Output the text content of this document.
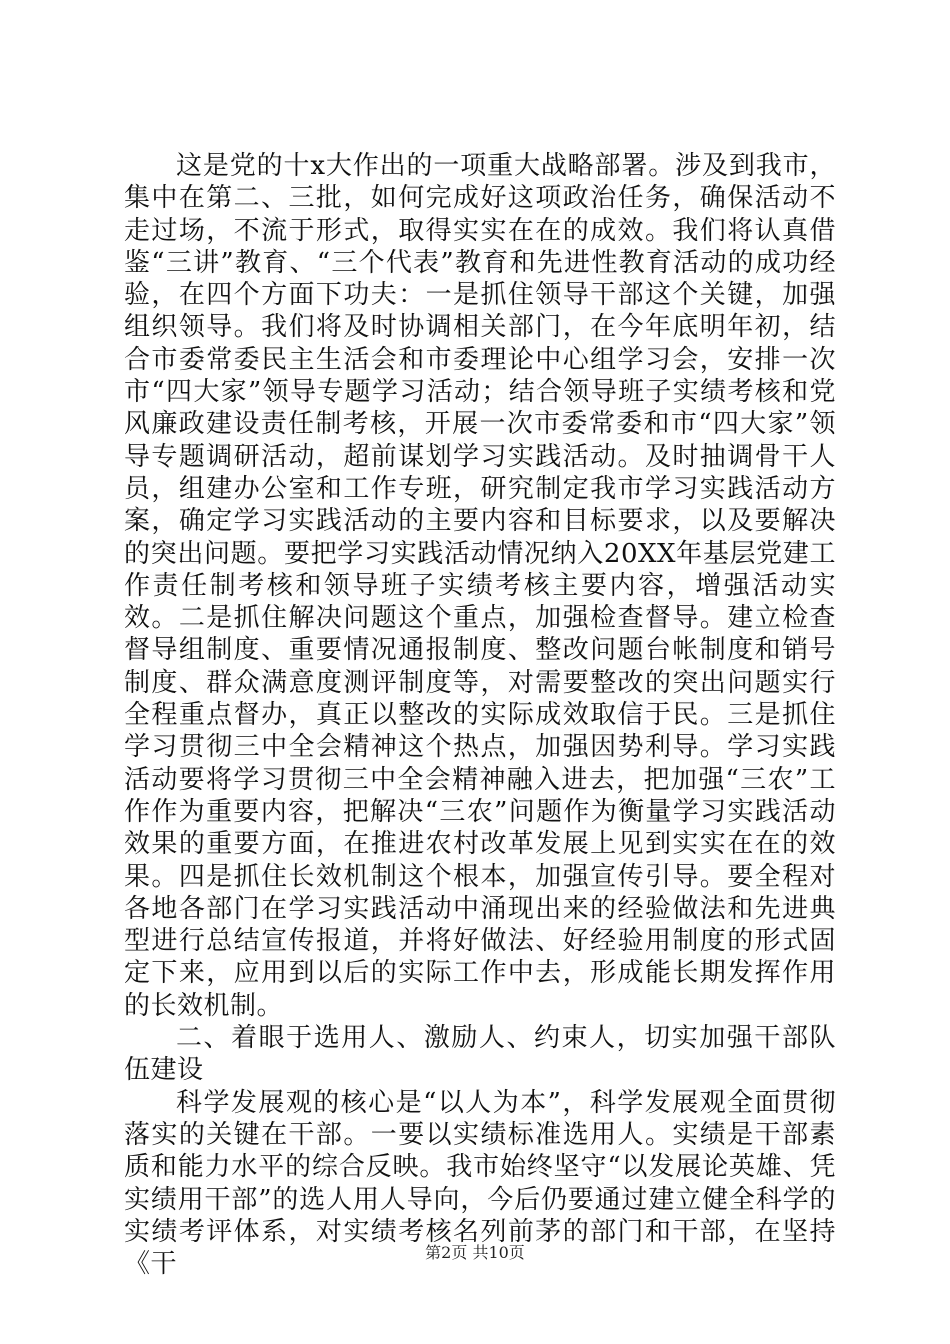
这是党的十x大作出的一项重大战略部署。涉及到我市，集中在第二、三批，如何完成好这项政治任务，确保活动不走过场，不流于形式，取得实实在在的成效。我们将认真借鉴“三讲”教育、“三个代表”教育和先进性教育活动的成功经验，在四个方面下功夫：一是抓住领导干部这个关键，加强组织领导。我们将及时协调相关部门，在今年底明年初，结合市委常委民主生活会和市委理论中心组学习会，安排一次市“四大家”领导专题学习活动；结合领导班子实绩考核和党风廉政建设责任制考核，开展一次市委常委和市“四大家”领导专题调研活动，超前谋划学习实践活动。及时抽调骨干人员，组建办公室和工作专班，研究制定我市学习实践活动方案，确定学习实践活动的主要内容和目标要求，以及要解决的突出问题。要把学习实践活动情况纳入20XX年基层党建工作责任制考核和领导班子实绩考核主要内容，增强活动实效。二是抓住解决问题这个重点，加强检查督导。建立检查督导组制度、重要情况通报制度、整改问题台帐制度和销号制度、群众满意度测评制度等，对需要整改的突出问题实行全程重点督办，真正以整改的实际成效取信于民。三是抓住学习贯彻三中全会精神这个热点，加强因势利导。学习实践活动要将学习贯彻三中全会精神融入进去，把加强“三农”工作作为重要内容，把解决“三农”问题作为衡量学习实践活动效果的重要方面，在推进农村改革发展上见到实实在在的效果。四是抓住长效机制这个根本，加强宣传引导。要全程对各地各部门在学习实践活动中涌现出来的经验做法和先进典型进行总结宣传报道，并将好做法、好经验用制度的形式固定下来，应用到以后的实际工作中去，形成能长期发挥作用的长效机制。

二、着眼于选用人、激励人、约束人，切实加强干部队伍建设

科学发展观的核心是“以人为本”，科学发展观全面贯彻落实的关键在干部。一要以实绩标准选用人。实绩是干部素质和能力水平的综合反映。我市始终坚守“以发展论英雄、凭实绩用干部”的选人用人导向，今后仍要通过建立健全科学的实绩考评体系，对实绩考核名列前茅的部门和干部，在坚持《干	第2页 共10页
